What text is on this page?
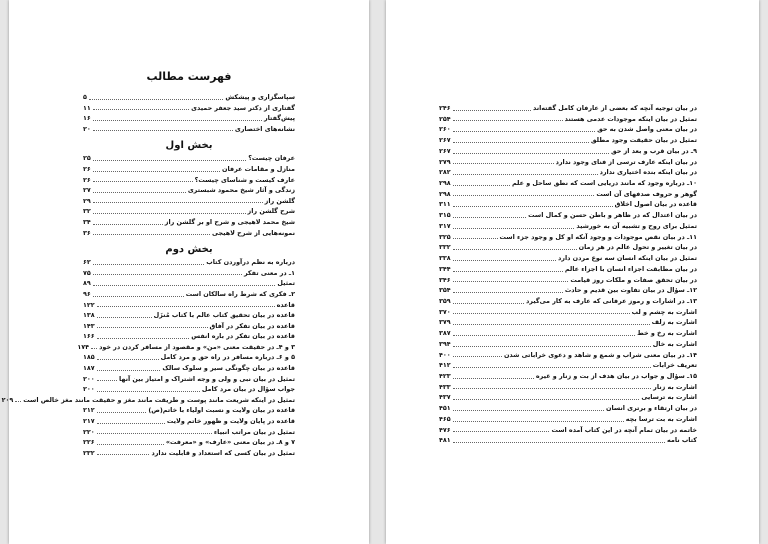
فهرست مطالب
سپاسگزاری و پیشکش
۵
گفتاری از دکتر سید جعفر حمیدی
۱۱
پیش‌گفتار
۱۶
نشانه‌های اختصاری
۲۰
بخش اول
عرفان چیست؟
۲۵
منازل و مقامات عرفان
۲۶
عارف کیست و شناسای چیست؟
۲۶
زندگی و آثار شیخ محمود شبستری
۲۷
گلشن راز
۲۹
شرح گلشن راز
۳۲
شیخ محمد لاهیجی و شرح او بر گلشن راز
۳۴
نمونه‌هایی از شرح لاهیجی
۳۶
بخش دوم
درباره به نظم درآوردن کتاب
۶۲
۱ـ در معنی تفکر
۷۵
تمثیل
۸۹
۲ـ فکری که شرط راه سالکان است
۹۶
قاعده
۱۲۲
قاعده در بیان تحقیق کتاب عالم با کتاب مُنزَل
۱۳۸
قاعده در بیان تفکر در آفاق
۱۴۳
قاعده در بیان تفکر در باره انفس
۱۶۶
۳ و ۴ـ در حقیقت معنی «من» و مقصود از مسافر کردن در خود
۱۷۴
۵ و ۶ـ درباره مسافر در راه حق و مرد کامل
۱۸۵
قاعده در بیان چگونگی سیر و سلوک سالک
۱۸۷
تمثیل در بیان نبی و ولی و وجه اشتراک و امتیاز بین آنها
۲۰۰
جواب سؤال در بیان مرد کامل
۲۰۰
تمثیل در اینکه شریعت مانند پوست و طریقت مانند مغز و حقیقت مانند مغز خالص است
۲۰۹
قاعده در بیان ولایت و نسبت اولیاء با خاتم(ص)
۲۱۲
قاعده در پایان ولایت و ظهور خاتم ولایت
۲۱۷
تمثیل در بیان مراتب انبیاء
۲۲۰
۷ و ۸ـ در بیان معنی «عارف» و «معرفت»
۲۲۶
تمثیل در بیان کسی که استعداد و قابلیت ندارد
۲۳۲
در بیان توجیه آنچه که بعضی از عارفان کامل گفته‌اند
۲۴۶
تمثیل در بیان اینکه موجودات عدمی هستند
۲۵۴
در بیان معنی واصل شدن به حق
۲۶۰
تمثیل در بیان حقیقت وجود مطلق
۲۶۷
۹ـ در بیان قرب و بعد از حق
۲۶۷
در بیان اینکه عارف ترسی از فنای وجود ندارد
۲۷۹
در بیان اینکه بنده اختیاری ندارد
۲۸۲
۱۰ـ درباره وجود که مانند دریایی است که نطق ساحل و علم
۲۹۸
گوهر و حروف صدفهای آن است
۲۹۸
قاعده در بیان اصول اخلاق
۳۱۱
در بیان اعتدال که در ظاهر و باطن حسن و کمال است
۳۱۵
تمثیل برای روح و تشبیه آن به خورشید
۳۱۷
۱۱ـ در بیان نقص موجودات و وجود آنکه او کل و وجود جزء است
۳۲۵
در بیان تغییر و تحول عالم در هر زمان
۳۳۲
تمثیل در بیان اینکه انسان سه نوع مردن دارد
۳۳۸
در بیان مطابقت اجزاء انسان با اجزاء عالم
۳۴۴
در بیان تحقق صفات و ملکات روز قیامت
۳۴۶
۱۲ـ سؤال در بیان تفاوت بین قدیم و حادث
۳۵۴
۱۳ـ در اشارات و رموز عرفانی که عارف به کار می‌گیرد
۳۵۹
اشارت به چشم و لب
۳۷۰
اشارت به زلف
۳۷۹
اشارت به رخ و خط
۳۸۷
اشارت به خال
۳۹۴
۱۴ـ در بیان معنی شراب و شمع و شاهد و دعوی خراباتی شدن
۴۰۰
تعریف خرابات
۴۱۲
۱۵ـ سؤال و جواب در بیان هدف از بت و زنار و غیره
۴۲۳
اشارت به زنار
۴۳۳
اشارت به ترسایی
۴۳۷
در بیان ارتقاء و برتری انسان
۴۵۱
اشارت به بت ترسا بچه
۴۶۵
خاتمه در بیان تمام آنچه در این کتاب آمده است
۴۷۶
کتاب نامه
۴۸۱
